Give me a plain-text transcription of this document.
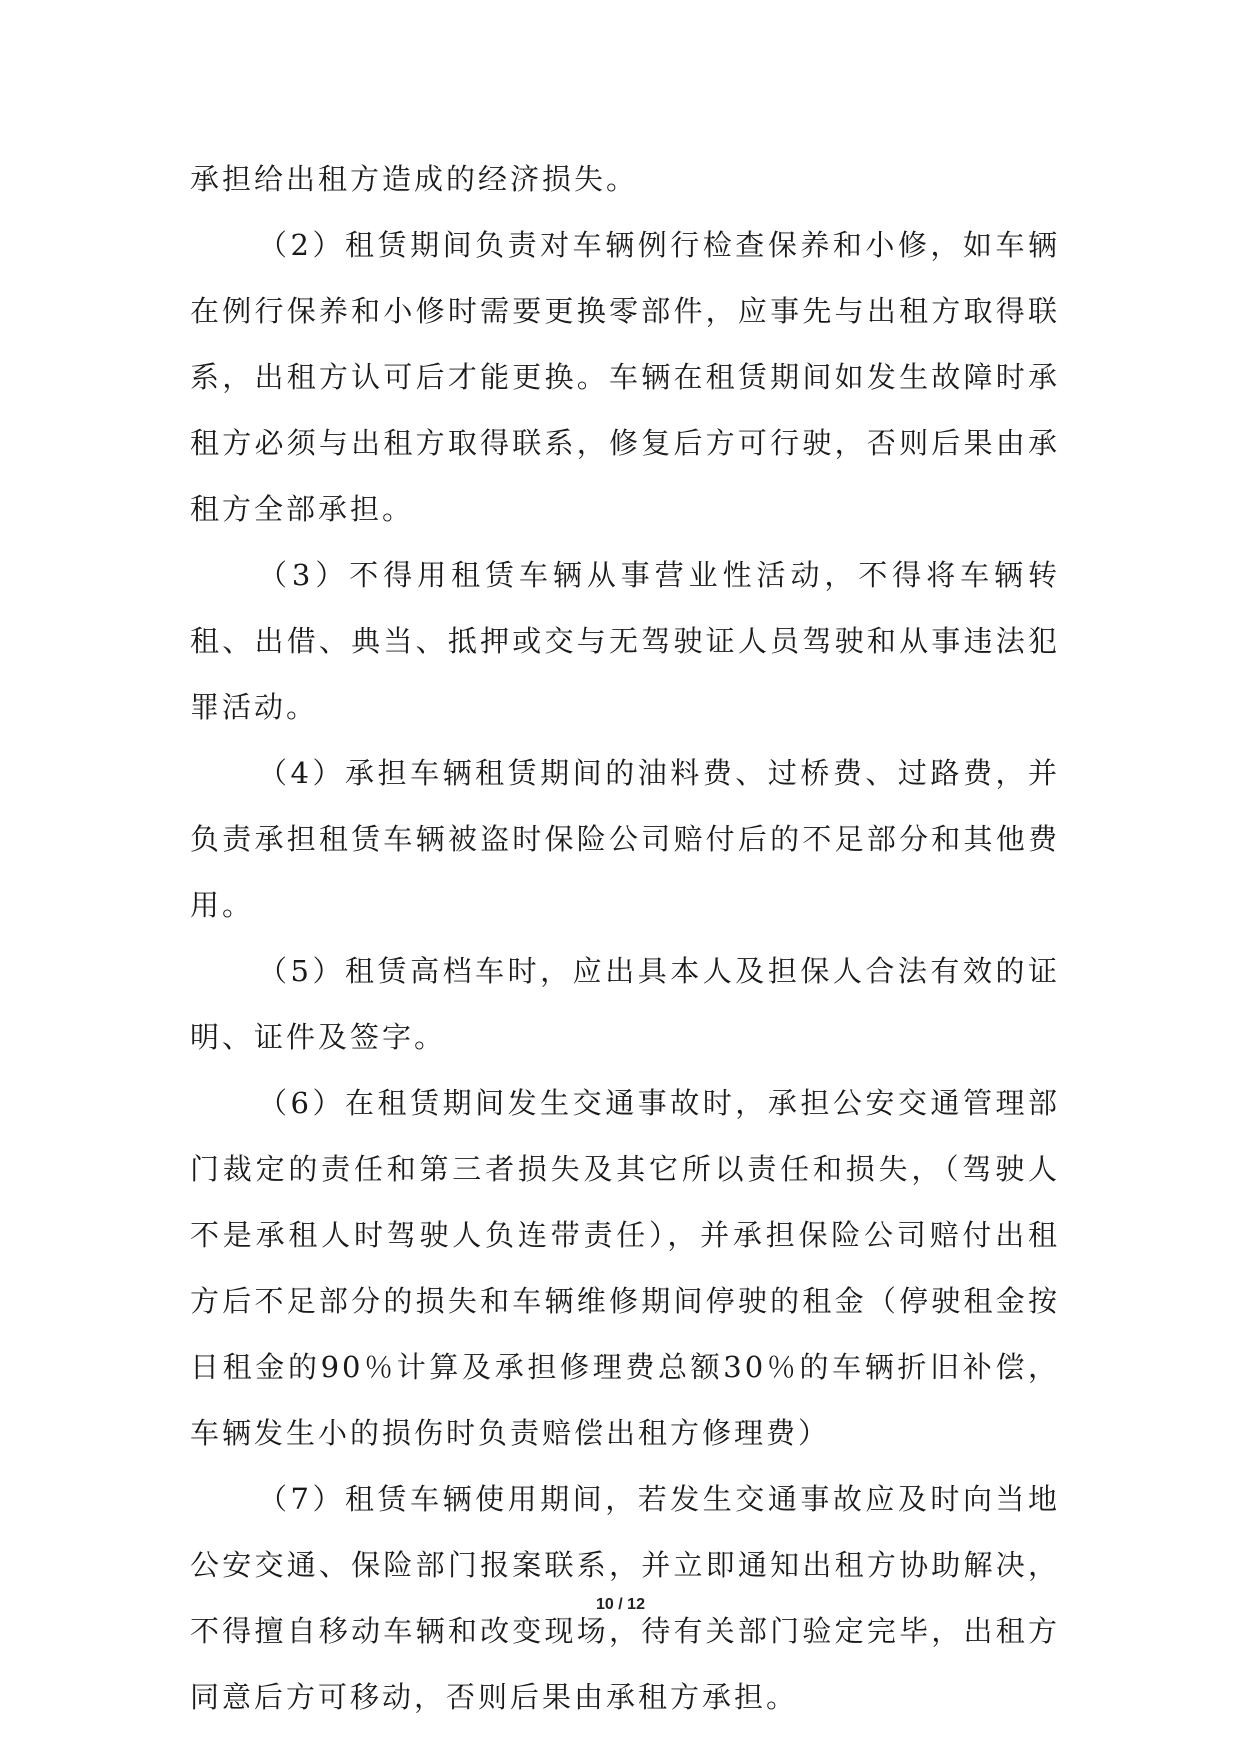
承担给出租方造成的经济损失。

（2）租赁期间负责对车辆例行检查保养和小修，如车辆在例行保养和小修时需要更换零部件，应事先与出租方取得联系，出租方认可后才能更换。车辆在租赁期间如发生故障时承租方必须与出租方取得联系，修复后方可行驶，否则后果由承租方全部承担。

（3）不得用租赁车辆从事营业性活动，不得将车辆转租、出借、典当、抵押或交与无驾驶证人员驾驶和从事违法犯罪活动。

（4）承担车辆租赁期间的油料费、过桥费、过路费，并负责承担租赁车辆被盗时保险公司赔付后的不足部分和其他费用。

（5）租赁高档车时，应出具本人及担保人合法有效的证明、证件及签字。

（6）在租赁期间发生交通事故时，承担公安交通管理部门裁定的责任和第三者损失及其它所以责任和损失，（驾驶人不是承租人时驾驶人负连带责任），并承担保险公司赔付出租方后不足部分的损失和车辆维修期间停驶的租金（停驶租金按日租金的90％计算及承担修理费总额30％的车辆折旧补偿，车辆发生小的损伤时负责赔偿出租方修理费）

（7）租赁车辆使用期间，若发生交通事故应及时向当地公安交通、保险部门报案联系，并立即通知出租方协助解决，不得擅自移动车辆和改变现场，待有关部门验定完毕，出租方同意后方可移动，否则后果由承租方承担。

10 / 12
